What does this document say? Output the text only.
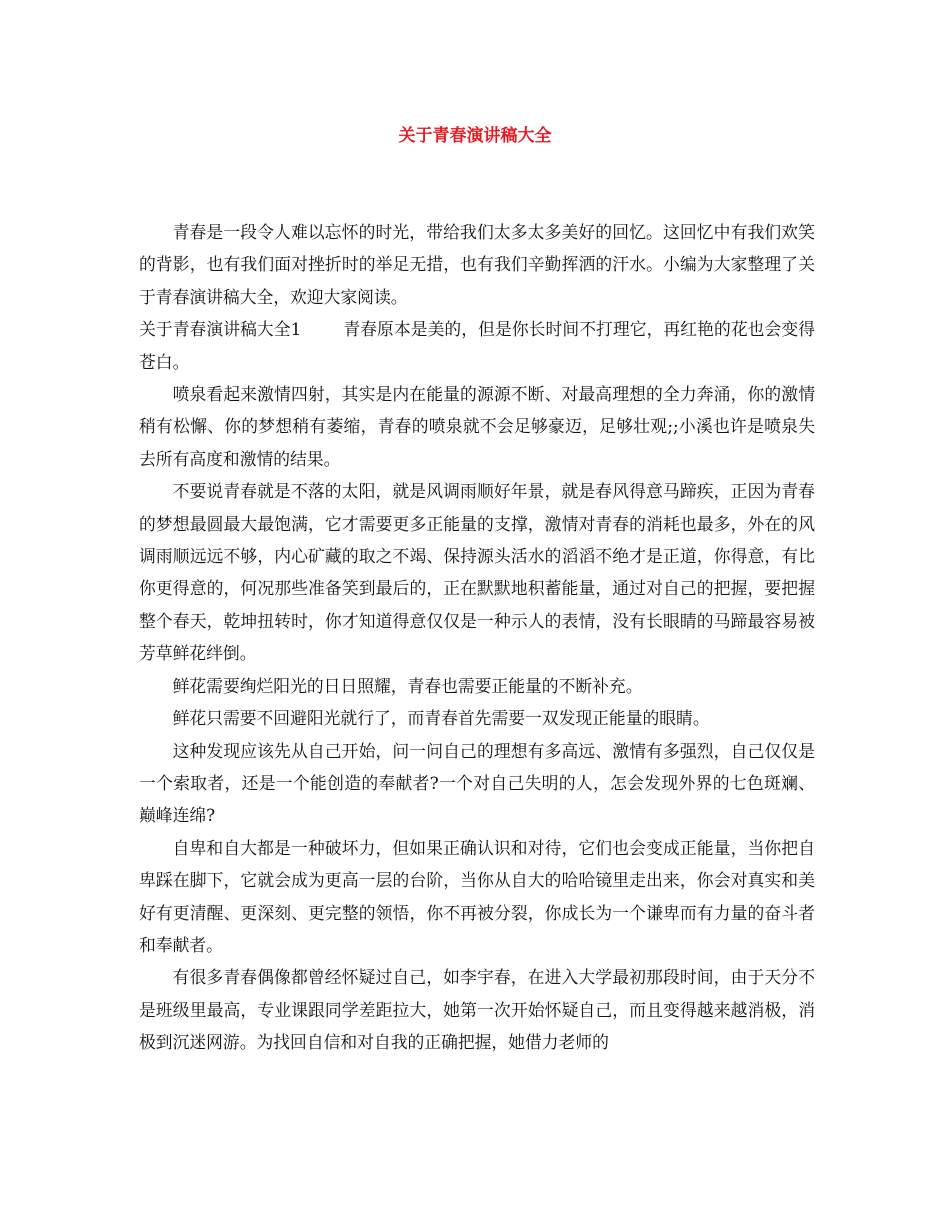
关于青春演讲稿大全

青春是一段令人难以忘怀的时光，带给我们太多太多美好的回忆。这回忆中有我们欢笑的背影，也有我们面对挫折时的举足无措，也有我们辛勤挥洒的汗水。小编为大家整理了关于青春演讲稿大全，欢迎大家阅读。

关于青春演讲稿大全1	青春原本是美的，但是你长时间不打理它，再红艳的花也会变得苍白。

喷泉看起来激情四射，其实是内在能量的源源不断、对最高理想的全力奔涌，你的激情稍有松懈、你的梦想稍有萎缩，青春的喷泉就不会足够豪迈，足够壮观;;小溪也许是喷泉失去所有高度和激情的结果。

不要说青春就是不落的太阳，就是风调雨顺好年景，就是春风得意马蹄疾，正因为青春的梦想最圆最大最饱满，它才需要更多正能量的支撑，激情对青春的消耗也最多，外在的风调雨顺远远不够，内心矿藏的取之不竭、保持源头活水的滔滔不绝才是正道，你得意，有比你更得意的，何况那些准备笑到最后的，正在默默地积蓄能量，通过对自己的把握，要把握整个春天，乾坤扭转时，你才知道得意仅仅是一种示人的表情，没有长眼睛的马蹄最容易被芳草鲜花绊倒。

鲜花需要绚烂阳光的日日照耀，青春也需要正能量的不断补充。

鲜花只需要不回避阳光就行了，而青春首先需要一双发现正能量的眼睛。

这种发现应该先从自己开始，问一问自己的理想有多高远、激情有多强烈，自己仅仅是一个索取者，还是一个能创造的奉献者?一个对自己失明的人，怎会发现外界的七色斑斓、巅峰连绵?

自卑和自大都是一种破坏力，但如果正确认识和对待，它们也会变成正能量，当你把自卑踩在脚下，它就会成为更高一层的台阶，当你从自大的哈哈镜里走出来，你会对真实和美好有更清醒、更深刻、更完整的领悟，你不再被分裂，你成长为一个谦卑而有力量的奋斗者和奉献者。

有很多青春偶像都曾经怀疑过自己，如李宇春，在进入大学最初那段时间，由于天分不是班级里最高，专业课跟同学差距拉大，她第一次开始怀疑自己，而且变得越来越消极，消极到沉迷网游。为找回自信和对自我的正确把握，她借力老师的
